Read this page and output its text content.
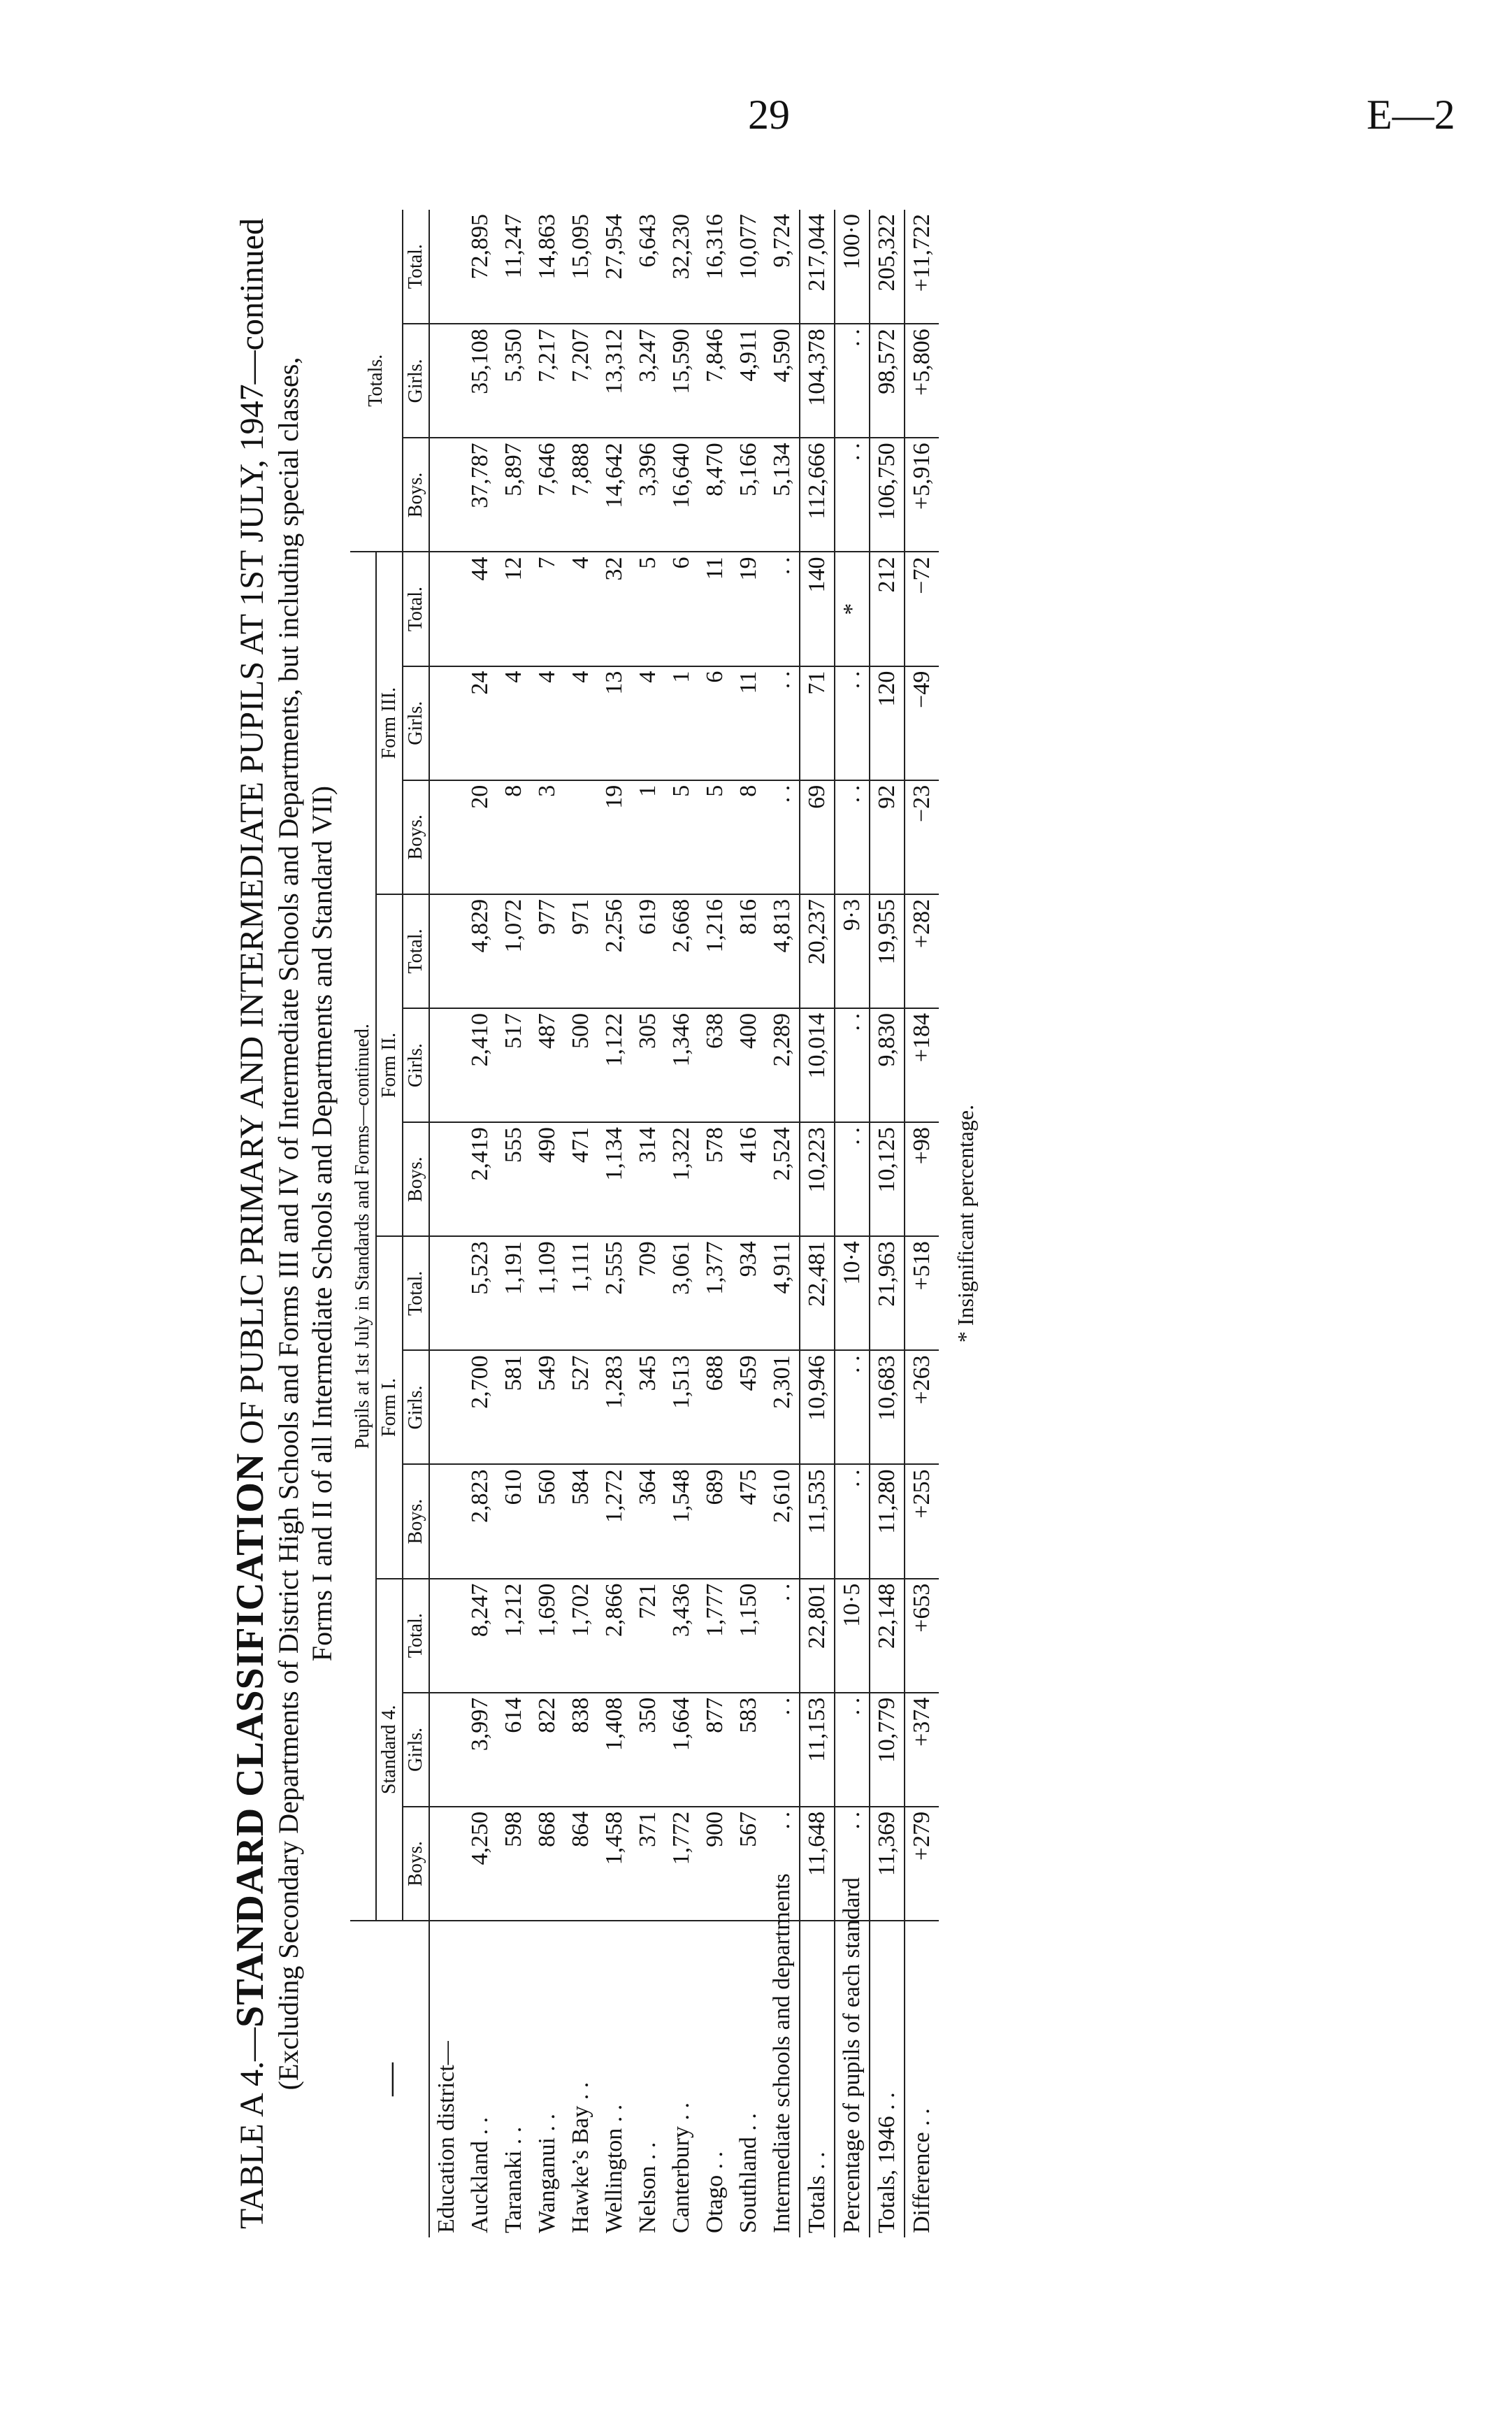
29	E—2
TABLE A 4.—STANDARD CLASSIFICATION OF PUBLIC PRIMARY AND INTERMEDIATE PUPILS AT 1ST JULY, 1947—continued (Excluding Secondary Departments of District High Schools and Forms III and IV of Intermediate Schools and Departments, but including special classes, Forms I and II of all Intermediate Schools and Departments and Standard VII)
—	Pupils at 1st July in Standards and Forms—continued.												Totals.		
	Standard 4.			Form I.			Form II.			Form III.					
	Boys.	Girls.	Total.	Boys.	Girls.	Total.	Boys.	Girls.	Total.	Boys.	Girls.	Total.	Boys.	Girls.	Total.
Education district—															
Auckland . .	4,250	3,997	8,247	2,823	2,700	5,523	2,419	2,410	4,829	20	24	44	37,787	35,108	72,895
Taranaki . .	598	614	1,212	610	581	1,191	555	517	1,072	8	4	12	5,897	5,350	11,247
Wanganui . .	868	822	1,690	560	549	1,109	490	487	977	3	4	7	7,646	7,217	14,863
Hawke’s Bay . .	864	838	1,702	584	527	1,111	471	500	971		4	4	7,888	7,207	15,095
Wellington . .	1,458	1,408	2,866	1,272	1,283	2,555	1,134	1,122	2,256	19	13	32	14,642	13,312	27,954
Nelson . .	371	350	721	364	345	709	314	305	619	1	4	5	3,396	3,247	6,643
Canterbury . .	1,772	1,664	3,436	1,548	1,513	3,061	1,322	1,346	2,668	5	1	6	16,640	15,590	32,230
Otago . .	900	877	1,777	689	688	1,377	578	638	1,216	5	6	11	8,470	7,846	16,316
Southland . .	567	583	1,150	475	459	934	416	400	816	8	11	19	5,166	4,911	10,077
Intermediate schools and departments	. .	. .	. .	2,610	2,301	4,911	2,524	2,289	4,813	. .	. .	. .	5,134	4,590	9,724
Totals . .	11,648	11,153	22,801	11,535	10,946	22,481	10,223	10,014	20,237	69	71	140	112,666	104,378	217,044
Percentage of pupils of each standard	. .	. .	10·5	. .	. .	10·4	. .	. .	9·3	. .	. .	*	. .	. .	100·0
Totals, 1946 . .	11,369	10,779	22,148	11,280	10,683	21,963	10,125	9,830	19,955	92	120	212	106,750	98,572	205,322
Difference . .	+279	+374	+653	+255	+263	+518	+98	+184	+282	−23	−49	−72	+5,916	+5,806	+11,722
* Insignificant percentage.
